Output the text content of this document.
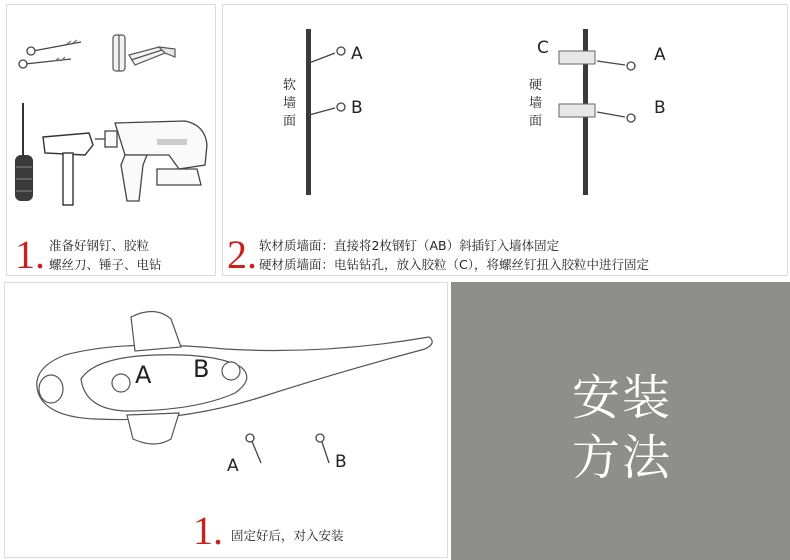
1. 准备好钢钉、胶粒
螺丝刀、锤子、电钻
A
B
C	A
B
软
墙
面
硬
墙
面
2. 软材质墙面：直接将2枚钢钉（AB）斜插钉入墙体固定
硬材质墙面：电钻钻孔，放入胶粒（C），将螺丝钉扭入胶粒中进行固定
A B
A	B
1. 固定好后，对入安装
安装
方法
